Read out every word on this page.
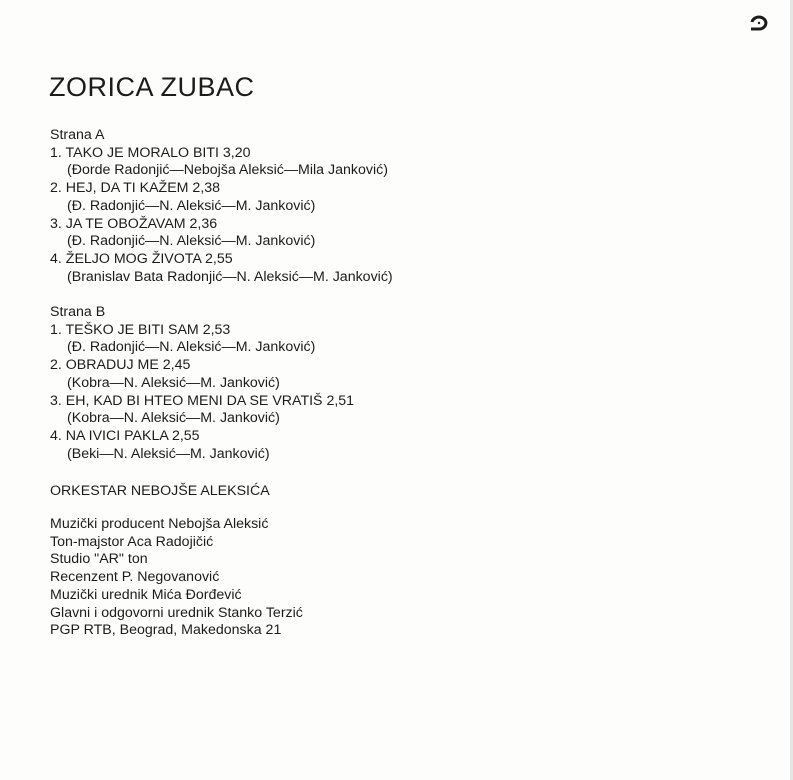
ZORICA ZUBAC
Strana A
1. TAKO JE MORALO BITI 3,20
(Đorde Radonjić—Nebojša Aleksić—Mila Janković)
2. HEJ, DA TI KAŽEM 2,38
(Đ. Radonjić—N. Aleksić—M. Janković)
3. JA TE OBOŽAVAM 2,36
(Đ. Radonjić—N. Aleksić—M. Janković)
4. ŽELJO MOG ŽIVOTA 2,55
(Branislav Bata Radonjić—N. Aleksić—M. Janković)
Strana B
1. TEŠKO JE BITI SAM 2,53
(Đ. Radonjić—N. Aleksić—M. Janković)
2. OBRADUJ ME 2,45
(Kobra—N. Aleksić—M. Janković)
3. EH, KAD BI HTEO MENI DA SE VRATIŠ 2,51
(Kobra—N. Aleksić—M. Janković)
4. NA IVICI PAKLA 2,55
(Beki—N. Aleksić—M. Janković)
ORKESTAR NEBOJŠE ALEKSIĆA
Muzički producent Nebojša Aleksić
Ton-majstor Aca Radojičić
Studio "AR" ton
Recenzent P. Negovanović
Muzički urednik Mića Đorđević
Glavni i odgovorni urednik Stanko Terzić
PGP RTB, Beograd, Makedonska 21
